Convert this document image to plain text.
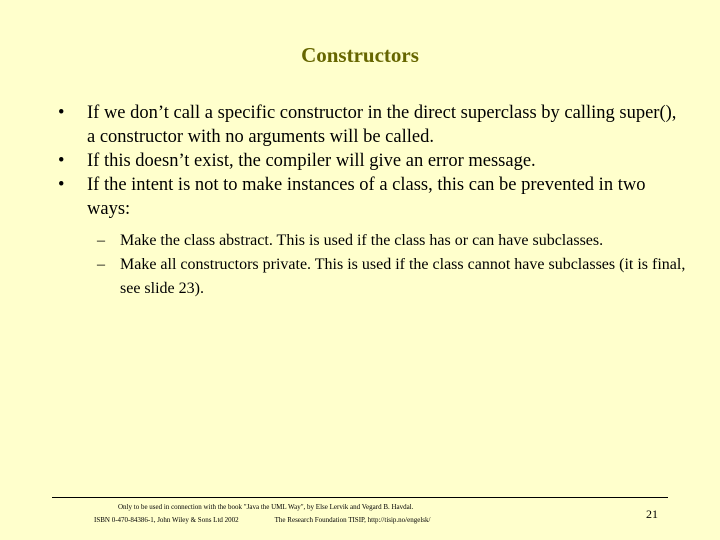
Constructors
• If we don’t call a specific constructor in the direct superclass by calling super(), a constructor with no arguments will be called.
• If this doesn’t exist, the compiler will give an error message.
• If the intent is not to make instances of a class, this can be prevented in two ways:
– Make the class abstract. This is used if the class has or can have subclasses.
– Make all constructors private. This is used if the class cannot have subclasses (it is final, see slide 23).
Only to be used in connection with the book "Java the UML Way", by Else Lervik and Vegard B. Havdal.
ISBN 0-470-84386-1, John Wiley & Sons Ltd 2002	The Research Foundation TISIP, http://tisip.no/engelsk/	21
